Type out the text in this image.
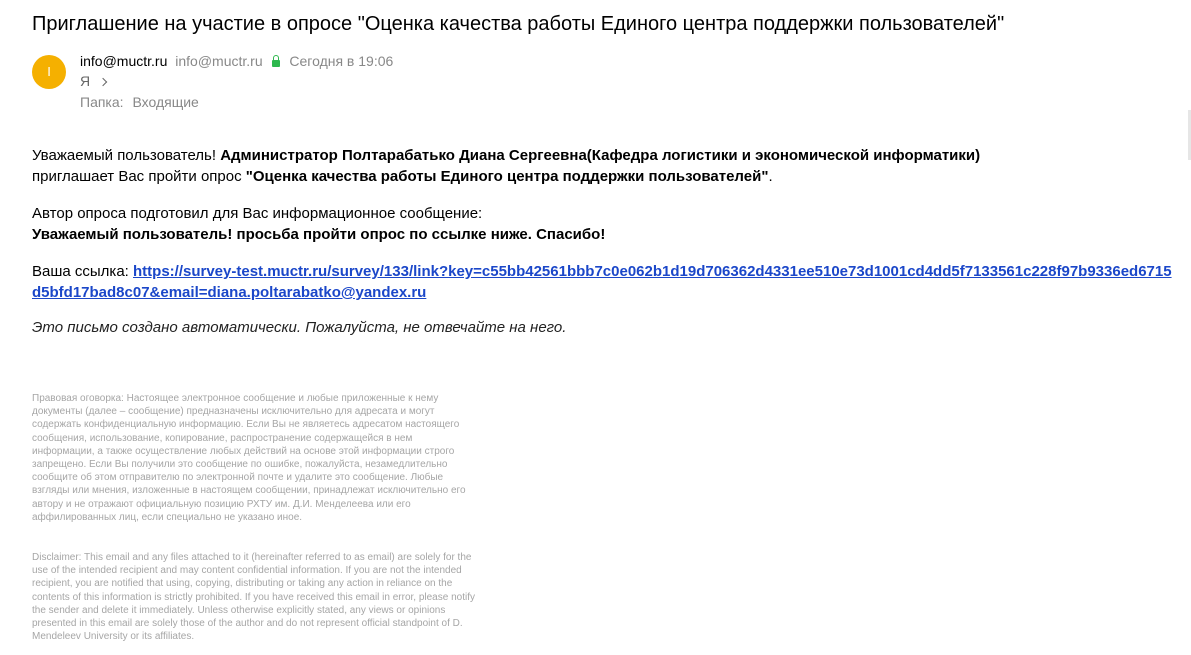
Приглашение на участие в опросе "Оценка качества работы Единого центра поддержки пользователей"
I
info@muctr.ru info@muctr.ru Сегодня в 19:06
Я
Папка: Входящие

Уважаемый пользователь! Администратор Полтарабатько Диана Сергеевна(Кафедра логистики и экономической информатики)

приглашает Вас пройти опрос "Оценка качества работы Единого центра поддержки пользователей".

Автор опроса подготовил для Вас информационное сообщение:

Уважаемый пользователь! просьба пройти опрос по ссылке ниже. Спасибо!

Ваша ссылка: https://survey-test.muctr.ru/survey/133/link?key=c55bb42561bbb7c0e062b1d19d706362d4331ee510e73d1001cd4dd5f7133561c228f97b9336ed6715d5bfd17bad8c07&email=diana.poltarabatko@yandex.ru
Это письмо создано автоматически. Пожалуйста, не отвечайте на него.
Правовая оговорка: Настоящее электронное сообщение и любые приложенные к нему документы (далее – сообщение) предназначены исключительно для адресата и могут содержать конфиденциальную информацию. Если Вы не являетесь адресатом настоящего сообщения, использование, копирование, распространение содержащейся в нем информации, а также осуществление любых действий на основе этой информации строго запрещено. Если Вы получили это сообщение по ошибке, пожалуйста, незамедлительно сообщите об этом отправителю по электронной почте и удалите это сообщение. Любые взгляды или мнения, изложенные в настоящем сообщении, принадлежат исключительно его автору и не отражают официальную позицию РХТУ им. Д.И. Менделеева или его аффилированных лиц, если специально не указано иное.
Disclaimer: This email and any files attached to it (hereinafter referred to as email) are solely for the use of the intended recipient and may content confidential information. If you are not the intended recipient, you are notified that using, copying, distributing or taking any action in reliance on the contents of this information is strictly prohibited. If you have received this email in error, please notify the sender and delete it immediately. Unless otherwise explicitly stated, any views or opinions presented in this email are solely those of the author and do not represent official standpoint of D. Mendeleev University or its affiliates.
